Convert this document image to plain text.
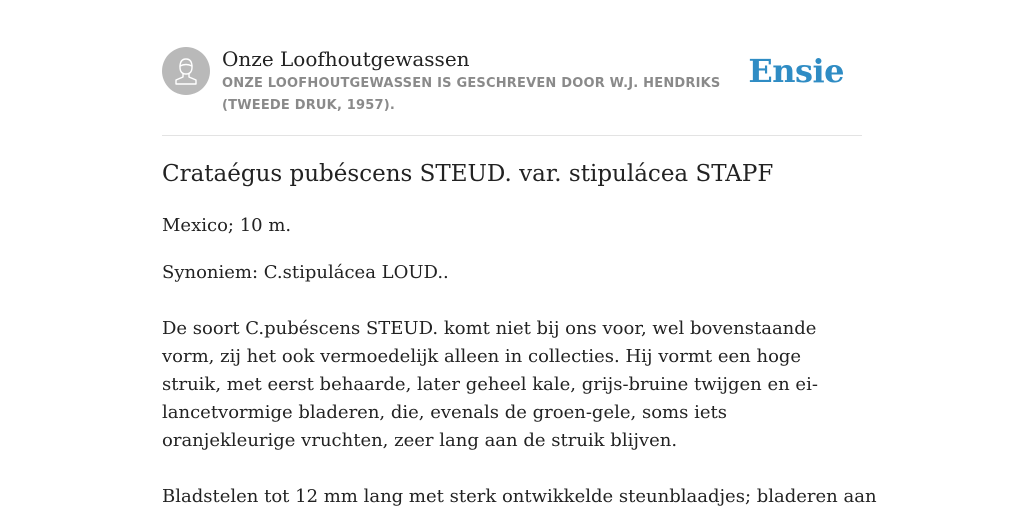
Onze Loofhoutgewassen
ONZE LOOFHOUTGEWASSEN IS GESCHREVEN DOOR W.J. HENDRIKS (TWEEDE DRUK, 1957).
Ensie
Crataégus pubéscens STEUD. var. stipulácea STAPF

Mexico; 10 m.

Synoniem: C.stipulácea LOUD..

De soort C.pubéscens STEUD. komt niet bij ons voor, wel bovenstaande vorm, zij het ook vermoedelijk alleen in collecties. Hij vormt een hoge struik, met eerst behaarde, later geheel kale, grijs-bruine twijgen en ei-lancetvormige bladeren, die, evenals de groen-gele, soms iets oranjekleurige vruchten, zeer lang aan de struik blijven.

Bladstelen tot 12 mm lang met sterk ontwikkelde steunblaadjes; bladeren aan
